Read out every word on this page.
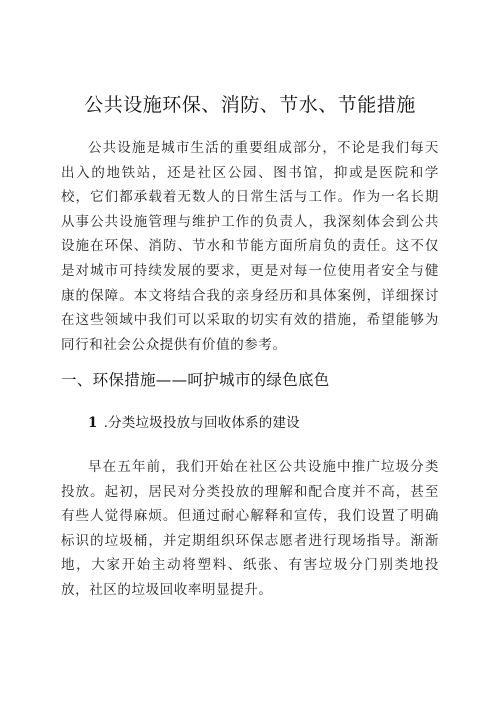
公共设施环保、消防、节水、节能措施

公共设施是城市生活的重要组成部分，不论是我们每天出入的地铁站，还是社区公园、图书馆，抑或是医院和学校，它们都承载着无数人的日常生活与工作。作为一名长期从事公共设施管理与维护工作的负责人，我深刻体会到公共设施在环保、消防、节水和节能方面所肩负的责任。这不仅是对城市可持续发展的要求，更是对每一位使用者安全与健康的保障。本文将结合我的亲身经历和具体案例，详细探讨在这些领域中我们可以采取的切实有效的措施，希望能够为同行和社会公众提供有价值的参考。

一、环保措施——呵护城市的绿色底色
1 .分类垃圾投放与回收体系的建设

早在五年前，我们开始在社区公共设施中推广垃圾分类投放。起初，居民对分类投放的理解和配合度并不高，甚至有些人觉得麻烦。但通过耐心解释和宣传，我们设置了明确标识的垃圾桶，并定期组织环保志愿者进行现场指导。渐渐地，大家开始主动将塑料、纸张、有害垃圾分门别类地投放，社区的垃圾回收率明显提升。
